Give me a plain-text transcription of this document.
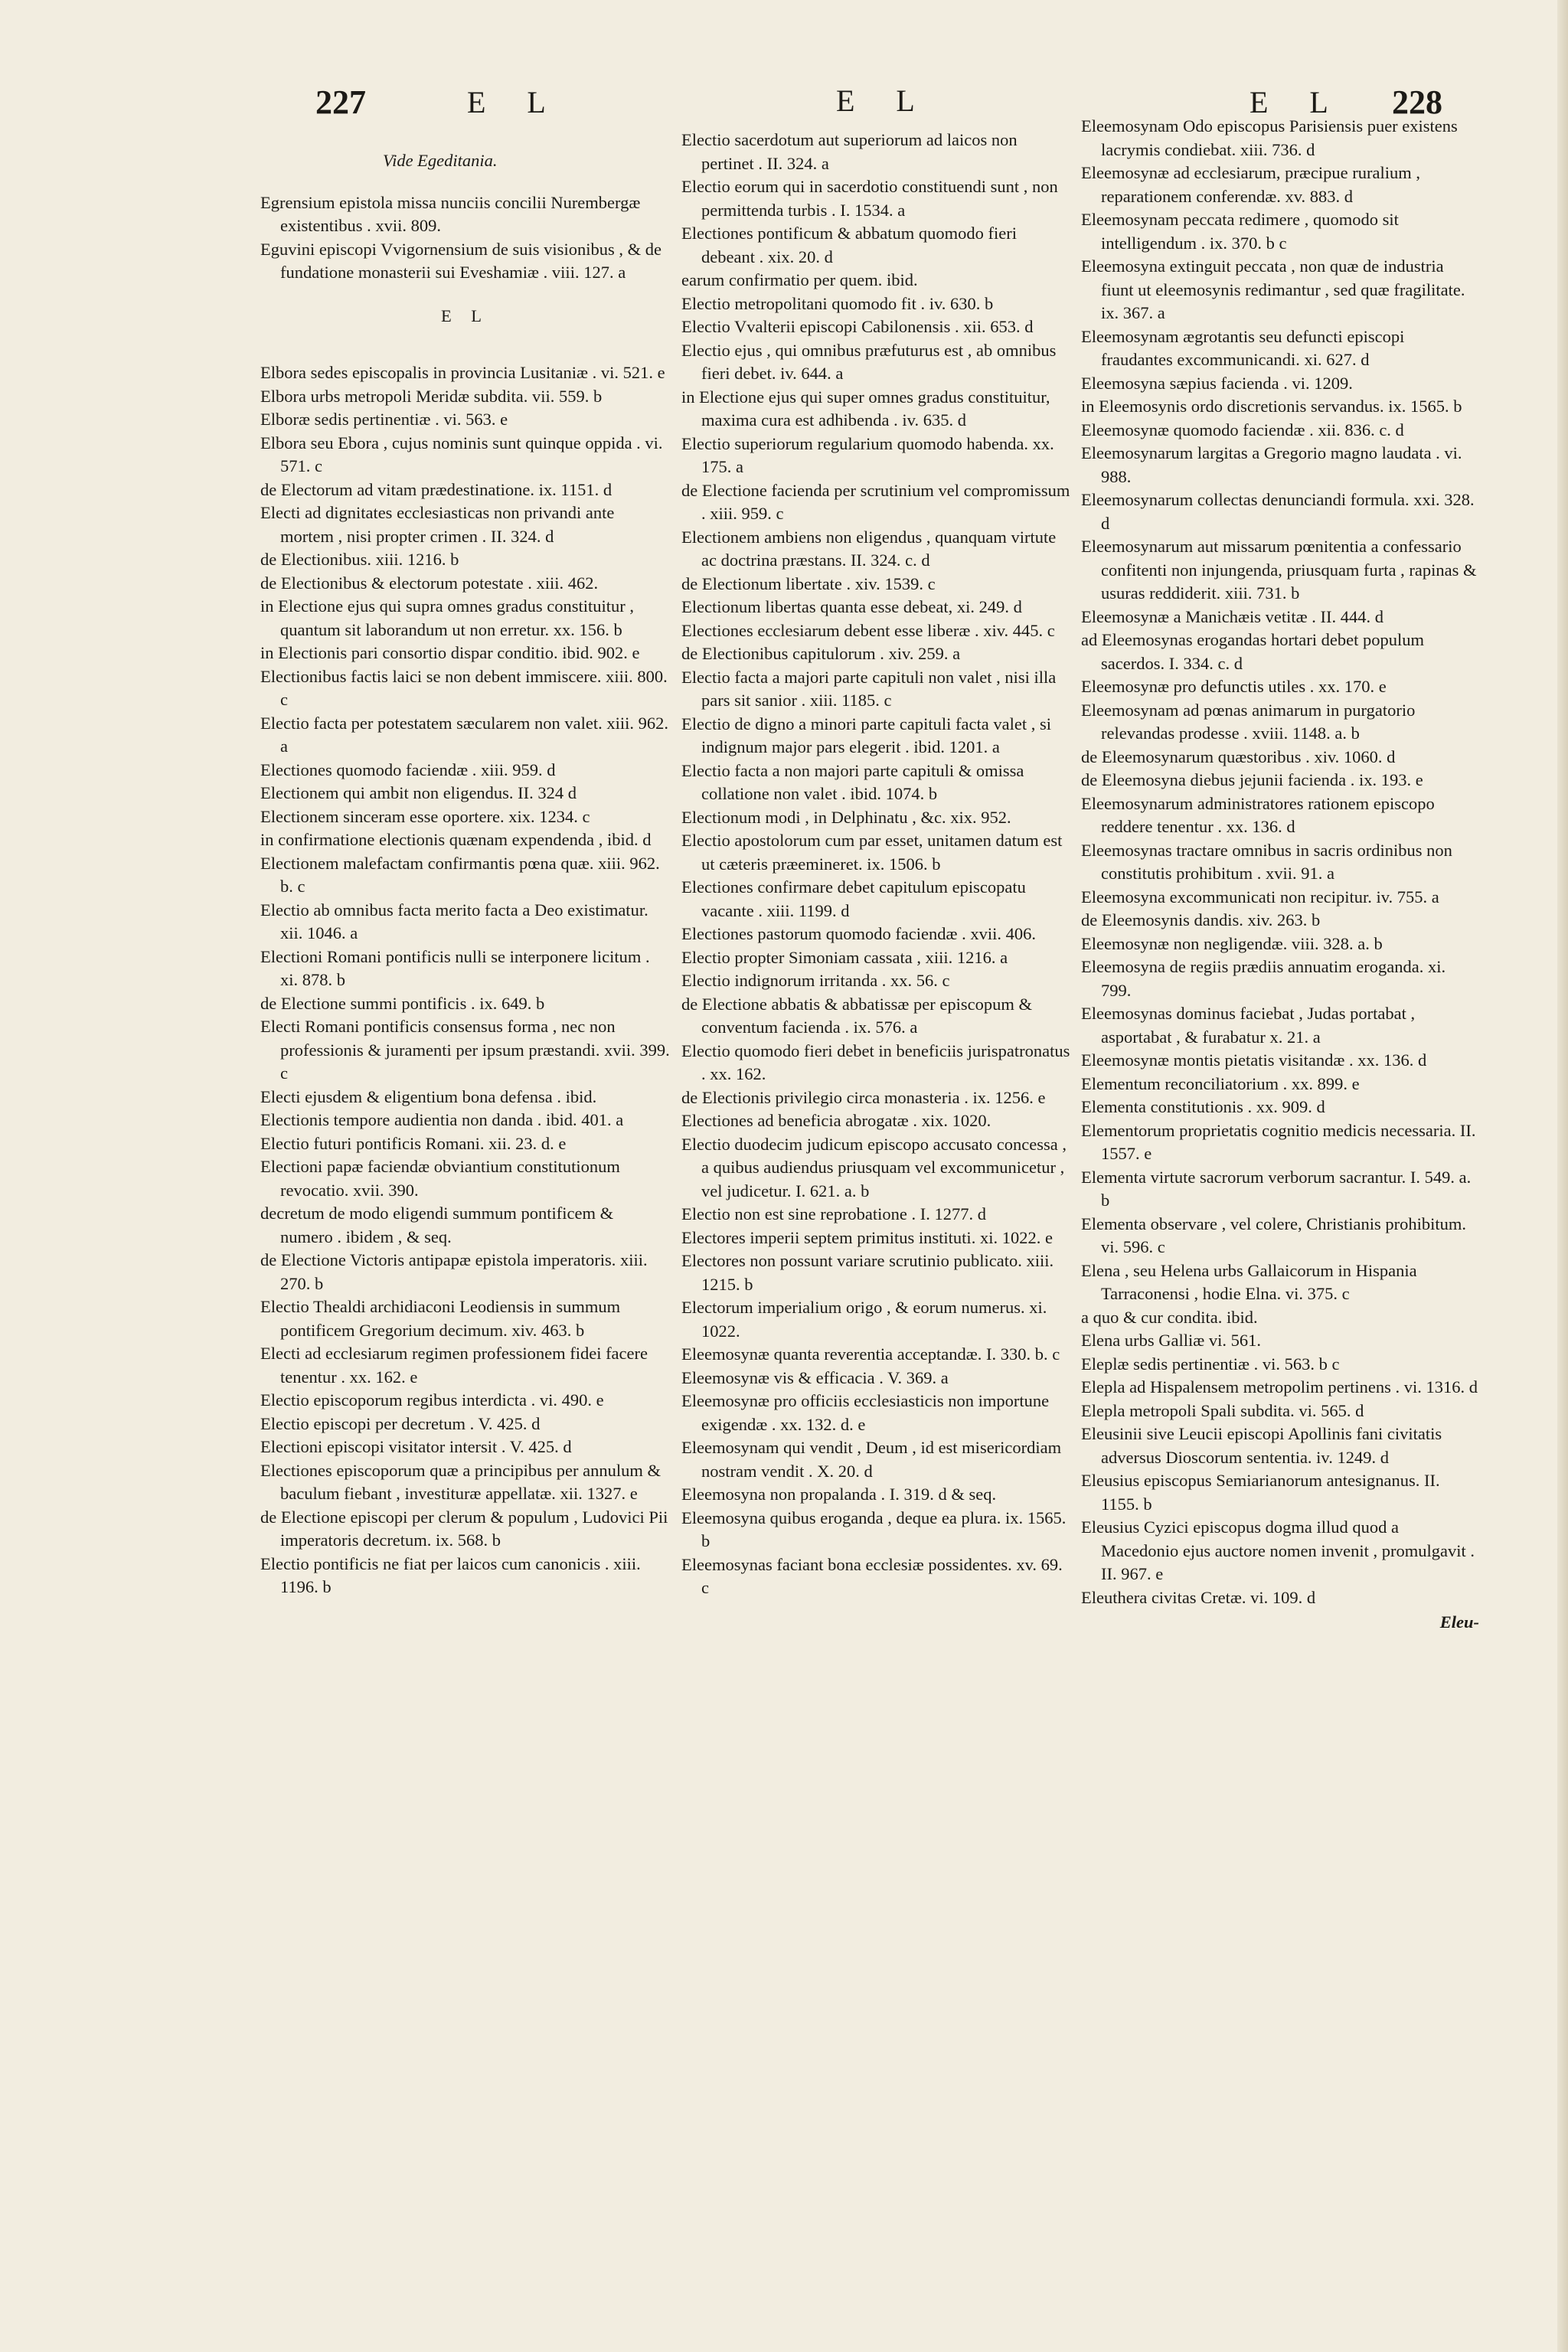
227	E L	E L	E L 228

Vide Egeditania.

Egrensium epistola missa nunciis concilii Nurembergæ existentibus . xvii. 809.

Eguvini episcopi Vvigornensium de suis visionibus , & de fundatione monasterii sui Eveshamiæ . viii. 127. a

E L

Elbora sedes episcopalis in provincia Lusitaniæ . vi. 521. e

Elbora urbs metropoli Meridæ subdita. vii. 559. b

Elboræ sedis pertinentiæ . vi. 563. e

Elbora seu Ebora , cujus nominis sunt quinque oppida . vi. 571. c

de Electorum ad vitam prædestinatione. ix. 1151. d

Electi ad dignitates ecclesiasticas non privandi ante mortem , nisi propter crimen . II. 324. d

de Electionibus. xiii. 1216. b

de Electionibus & electorum potestate . xiii. 462.

in Electione ejus qui supra omnes gradus constituitur , quantum sit laborandum ut non erretur. xx. 156. b

in Electionis pari consortio dispar conditio. ibid. 902. e

Electionibus factis laici se non debent immiscere. xiii. 800. c

Electio facta per potestatem sæcularem non valet. xiii. 962. a

Electiones quomodo faciendæ . xiii. 959. d

Electionem qui ambit non eligendus. II. 324 d

Electionem sinceram esse oportere. xix. 1234. c

in confirmatione electionis quænam expendenda , ibid. d

Electionem malefactam confirmantis pœna quæ. xiii. 962. b. c

Electio ab omnibus facta merito facta a Deo existimatur. xii. 1046. a

Electioni Romani pontificis nulli se interponere licitum . xi. 878. b

de Electione summi pontificis . ix. 649. b

Electi Romani pontificis consensus forma , nec non professionis & juramenti per ipsum præstandi. xvii. 399. c

Electi ejusdem & eligentium bona defensa . ibid.

Electionis tempore audientia non danda . ibid. 401. a

Electio futuri pontificis Romani. xii. 23. d. e

Electioni papæ faciendæ obviantium constitutionum revocatio. xvii. 390.

decretum de modo eligendi summum pontificem & numero . ibidem , & seq.

de Electione Victoris antipapæ epistola imperatoris. xiii. 270. b

Electio Thealdi archidiaconi Leodiensis in summum pontificem Gregorium decimum. xiv. 463. b

Electi ad ecclesiarum regimen professionem fidei facere tenentur . xx. 162. e

Electio episcoporum regibus interdicta . vi. 490. e

Electio episcopi per decretum . V. 425. d

Electioni episcopi visitator intersit . V. 425. d

Electiones episcoporum quæ a principibus per annulum & baculum fiebant , investituræ appellatæ. xii. 1327. e

de Electione episcopi per clerum & populum , Ludovici Pii imperatoris decretum. ix. 568. b

Electio pontificis ne fiat per laicos cum canonicis . xiii. 1196. b

Electio sacerdotum aut superiorum ad laicos non pertinet . II. 324. a

Electio eorum qui in sacerdotio constituendi sunt , non permittenda turbis . I. 1534. a

Electiones pontificum & abbatum quomodo fieri debeant . xix. 20. d

earum confirmatio per quem. ibid.

Electio metropolitani quomodo fit . iv. 630. b

Electio Vvalterii episcopi Cabilonensis . xii. 653. d

Electio ejus , qui omnibus præfuturus est , ab omnibus fieri debet. iv. 644. a

in Electione ejus qui super omnes gradus constituitur, maxima cura est adhibenda . iv. 635. d

Electio superiorum regularium quomodo habenda. xx. 175. a

de Electione facienda per scrutinium vel compromissum . xiii. 959. c

Electionem ambiens non eligendus , quanquam virtute ac doctrina præstans. II. 324. c. d

de Electionum libertate . xiv. 1539. c

Electionum libertas quanta esse debeat, xi. 249. d

Electiones ecclesiarum debent esse liberæ . xiv. 445. c

de Electionibus capitulorum . xiv. 259. a

Electio facta a majori parte capituli non valet , nisi illa pars sit sanior . xiii. 1185. c

Electio de digno a minori parte capituli facta valet , si indignum major pars elegerit . ibid. 1201. a

Electio facta a non majori parte capituli & omissa collatione non valet . ibid. 1074. b

Electionum modi , in Delphinatu , &c. xix. 952.

Electio apostolorum cum par esset, unitamen datum est ut cæteris præemineret. ix. 1506. b

Electiones confirmare debet capitulum episcopatu vacante . xiii. 1199. d

Electiones pastorum quomodo faciendæ . xvii. 406.

Electio propter Simoniam cassata , xiii. 1216. a

Electio indignorum irritanda . xx. 56. c

de Electione abbatis & abbatissæ per episcopum & conventum facienda . ix. 576. a

Electio quomodo fieri debet in beneficiis jurispatronatus . xx. 162.

de Electionis privilegio circa monasteria . ix. 1256. e

Electiones ad beneficia abrogatæ . xix. 1020.

Electio duodecim judicum episcopo accusato concessa , a quibus audiendus priusquam vel excommunicetur , vel judicetur. I. 621. a. b

Electio non est sine reprobatione . I. 1277. d

Electores imperii septem primitus instituti. xi. 1022. e

Electores non possunt variare scrutinio publicato. xiii. 1215. b

Electorum imperialium origo , & eorum numerus. xi. 1022.

Eleemosynæ quanta reverentia acceptandæ. I. 330. b. c

Eleemosynæ vis & efficacia . V. 369. a

Eleemosynæ pro officiis ecclesiasticis non importune exigendæ . xx. 132. d. e

Eleemosynam qui vendit , Deum , id est misericordiam nostram vendit . X. 20. d

Eleemosyna non propalanda . I. 319. d & seq.

Eleemosyna quibus eroganda , deque ea plura. ix. 1565. b

Eleemosynas faciant bona ecclesiæ possidentes. xv. 69. c

Eleemosynam Odo episcopus Parisiensis puer existens lacrymis condiebat. xiii. 736. d

Eleemosynæ ad ecclesiarum, præcipue ruralium , reparationem conferendæ. xv. 883. d

Eleemosynam peccata redimere , quomodo sit intelligendum . ix. 370. b c

Eleemosyna extinguit peccata , non quæ de industria fiunt ut eleemosynis redimantur , sed quæ fragilitate. ix. 367. a

Eleemosynam ægrotantis seu defuncti episcopi fraudantes excommunicandi. xi. 627. d

Eleemosyna sæpius facienda . vi. 1209.

in Eleemosynis ordo discretionis servandus. ix. 1565. b

Eleemosynæ quomodo faciendæ . xii. 836. c. d

Eleemosynarum largitas a Gregorio magno laudata . vi. 988.

Eleemosynarum collectas denunciandi formula. xxi. 328. d

Eleemosynarum aut missarum pœnitentia a confessario confitenti non injungenda, priusquam furta , rapinas & usuras reddiderit. xiii. 731. b

Eleemosynæ a Manichæis vetitæ . II. 444. d

ad Eleemosynas erogandas hortari debet populum sacerdos. I. 334. c. d

Eleemosynæ pro defunctis utiles . xx. 170. e

Eleemosynam ad pœnas animarum in purgatorio relevandas prodesse . xviii. 1148. a. b

de Eleemosynarum quæstoribus . xiv. 1060. d

de Eleemosyna diebus jejunii facienda . ix. 193. e

Eleemosynarum administratores rationem episcopo reddere tenentur . xx. 136. d

Eleemosynas tractare omnibus in sacris ordinibus non constitutis prohibitum . xvii. 91. a

Eleemosyna excommunicati non recipitur. iv. 755. a

de Eleemosynis dandis. xiv. 263. b

Eleemosynæ non negligendæ. viii. 328. a. b

Eleemosyna de regiis prædiis annuatim eroganda. xi. 799.

Eleemosynas dominus faciebat , Judas portabat , asportabat , & furabatur x. 21. a

Eleemosynæ montis pietatis visitandæ . xx. 136. d

Elementum reconciliatorium . xx. 899. e

Elementa constitutionis . xx. 909. d

Elementorum proprietatis cognitio medicis necessaria. II. 1557. e

Elementa virtute sacrorum verborum sacrantur. I. 549. a. b

Elementa observare , vel colere, Christianis prohibitum. vi. 596. c

Elena , seu Helena urbs Gallaicorum in Hispania Tarraconensi , hodie Elna. vi. 375. c

a quo & cur condita. ibid.

Elena urbs Galliæ vi. 561.

Eleplæ sedis pertinentiæ . vi. 563. b c

Elepla ad Hispalensem metropolim pertinens . vi. 1316. d

Elepla metropoli Spali subdita. vi. 565. d

Eleusinii sive Leucii episcopi Apollinis fani civitatis adversus Dioscorum sententia. iv. 1249. d

Eleusius episcopus Semiarianorum antesignanus. II. 1155. b

Eleusius Cyzici episcopus dogma illud quod a Macedonio ejus auctore nomen invenit , promulgavit . II. 967. e

Eleuthera civitas Cretæ. vi. 109. d

Eleu-
